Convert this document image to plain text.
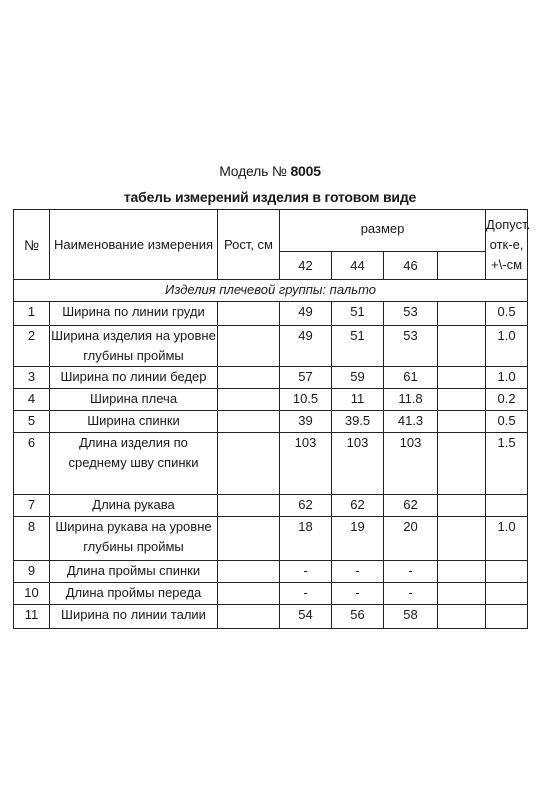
Модель № 8005
табель измерений изделия в готовом виде
№	Наименование измерения	Рост, см	размер				Допуст. отк-е, +\-см
			42	44	46		
Изделия плечевой группы: пальто							
1	Ширина по линии груди		49	51	53		0.5
2	Ширина изделия на уровне глубины проймы		49	51	53		1.0
3	Ширина по линии бедер		57	59	61		1.0
4	Ширина плеча		10.5	11	11.8		0.2
5	Ширина спинки		39	39.5	41.3		0.5
6	Длина изделия по среднему шву спинки		103	103	103		1.5
7	Длина рукава		62	62	62		
8	Ширина рукава на уровне глубины проймы		18	19	20		1.0
9	Длина проймы спинки		-	-	-		
10	Длина проймы переда		-	-	-		
11	Ширина по линии талии		54	56	58		
